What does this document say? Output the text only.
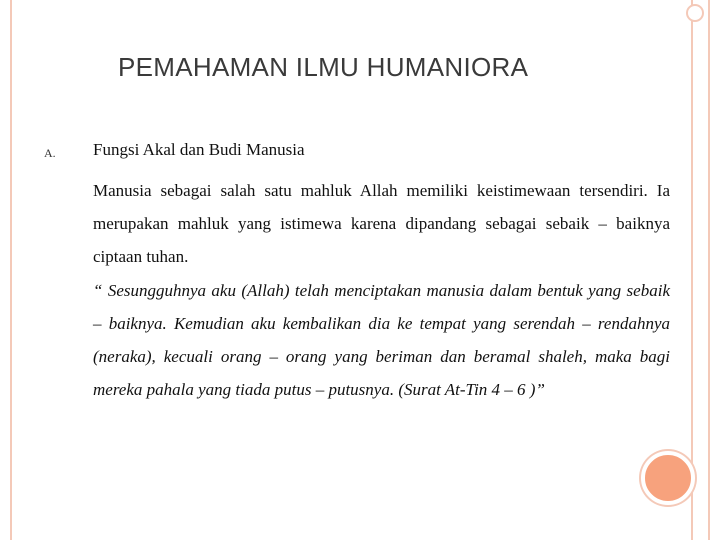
PEMAHAMAN ILMU HUMANIORA
A. Fungsi Akal dan Budi Manusia
Manusia sebagai salah satu mahluk Allah memiliki keistimewaan tersendiri. Ia merupakan mahluk yang istimewa karena dipandang sebagai sebaik – baiknya ciptaan tuhan.
“ Sesungguhnya aku (Allah) telah menciptakan manusia dalam bentuk yang sebaik – baiknya. Kemudian aku kembalikan dia ke tempat yang serendah – rendahnya (neraka), kecuali orang – orang yang beriman dan beramal shaleh, maka bagi mereka pahala yang tiada putus – putusnya. (Surat At-Tin 4 – 6 )”
